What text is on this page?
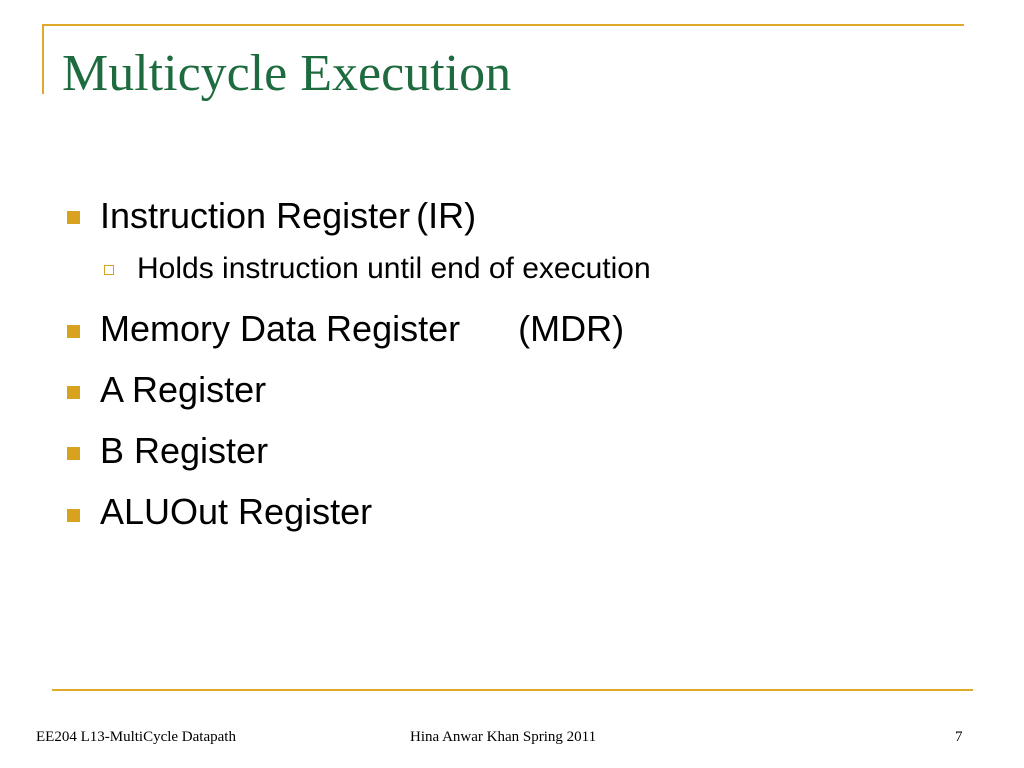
Multicycle Execution
Instruction Register (IR)
Holds instruction until end of execution
Memory Data Register (MDR)
A Register
B Register
ALUOut Register
EE204 L13-MultiCycle Datapath	Hina Anwar Khan Spring 2011	7
